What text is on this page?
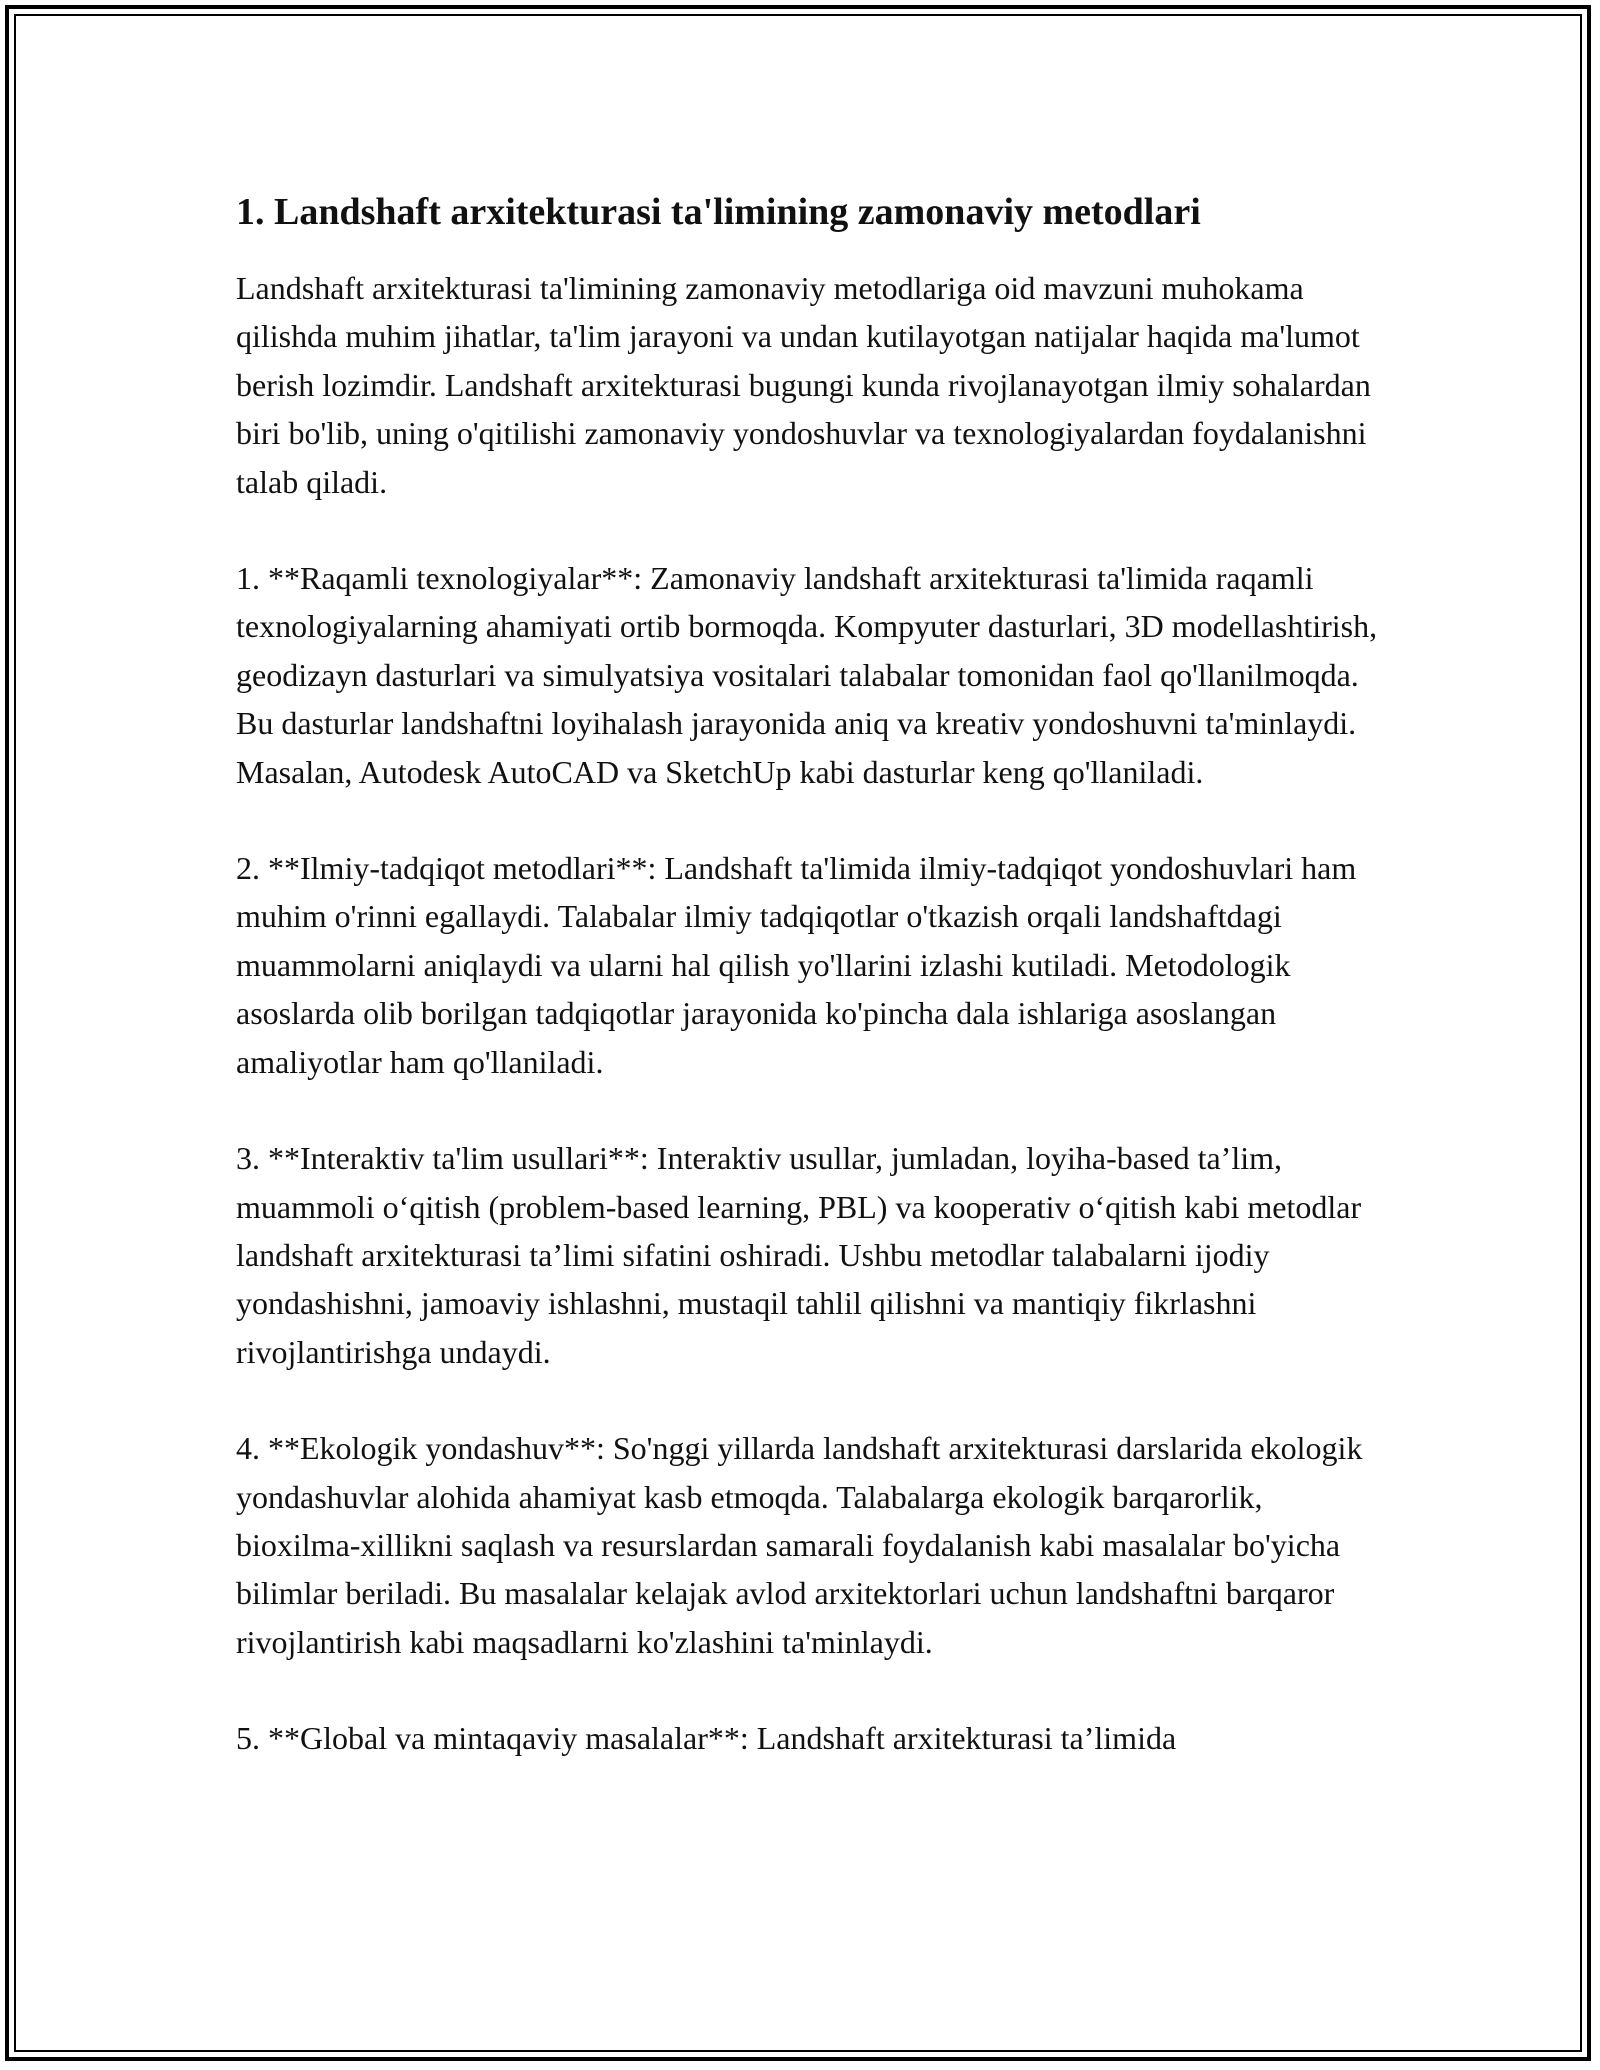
1. Landshaft arxitekturasi ta'limining zamonaviy metodlari

Landshaft arxitekturasi ta'limining zamonaviy metodlariga oid mavzuni muhokama qilishda muhim jihatlar, ta'lim jarayoni va undan kutilayotgan natijalar haqida ma'lumot berish lozimdir. Landshaft arxitekturasi bugungi kunda rivojlanayotgan ilmiy sohalardan biri bo'lib, uning o'qitilishi zamonaviy yondoshuvlar va texnologiyalardan foydalanishni talab qiladi.

1. **Raqamli texnologiyalar**: Zamonaviy landshaft arxitekturasi ta'limida raqamli texnologiyalarning ahamiyati ortib bormoqda. Kompyuter dasturlari, 3D modellashtirish, geodizayn dasturlari va simulyatsiya vositalari talabalar tomonidan faol qo'llanilmoqda. Bu dasturlar landshaftni loyihalash jarayonida aniq va kreativ yondoshuvni ta'minlaydi. Masalan, Autodesk AutoCAD va SketchUp kabi dasturlar keng qo'llaniladi.

2. **Ilmiy-tadqiqot metodlari**: Landshaft ta'limida ilmiy-tadqiqot yondoshuvlari ham muhim o'rinni egallaydi. Talabalar ilmiy tadqiqotlar o'tkazish orqali landshaftdagi muammolarni aniqlaydi va ularni hal qilish yo'llarini izlashi kutiladi. Metodologik asoslarda olib borilgan tadqiqotlar jarayonida ko'pincha dala ishlariga asoslangan amaliyotlar ham qo'llaniladi.

3. **Interaktiv ta'lim usullari**: Interaktiv usullar, jumladan, loyiha-based ta’lim, muammoli o‘qitish (problem-based learning, PBL) va kooperativ o‘qitish kabi metodlar landshaft arxitekturasi ta’limi sifatini oshiradi. Ushbu metodlar talabalarni ijodiy yondashishni, jamoaviy ishlashni, mustaqil tahlil qilishni va mantiqiy fikrlashni rivojlantirishga undaydi.

4. **Ekologik yondashuv**: So'nggi yillarda landshaft arxitekturasi darslarida ekologik yondashuvlar alohida ahamiyat kasb etmoqda. Talabalarga ekologik barqarorlik, bioxilma-xillikni saqlash va resurslardan samarali foydalanish kabi masalalar bo'yicha bilimlar beriladi. Bu masalalar kelajak avlod arxitektorlari uchun landshaftni barqaror rivojlantirish kabi maqsadlarni ko'zlashini ta'minlaydi.

5. **Global va mintaqaviy masalalar**: Landshaft arxitekturasi ta’limida
